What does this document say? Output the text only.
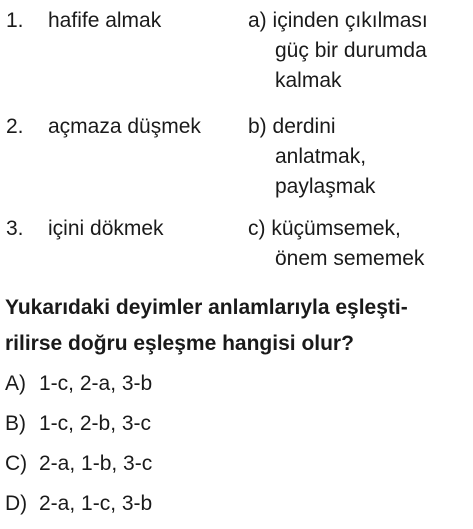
1. hafife almak	a) içinden çıkılması
güç bir durumda
kalmak
2. açmaza düşmek b) derdini
anlatmak,
paylaşmak
3. içini dökmek	c) küçümsemek,
önem sememek
Yukarıdaki deyimler anlamlarıyla eşleşti-
rilirse doğru eşleşme hangisi olur?
A) 1-c, 2-a, 3-b
B) 1-c, 2-b, 3-c
C) 2-a, 1-b, 3-c
D) 2-a, 1-c, 3-b
